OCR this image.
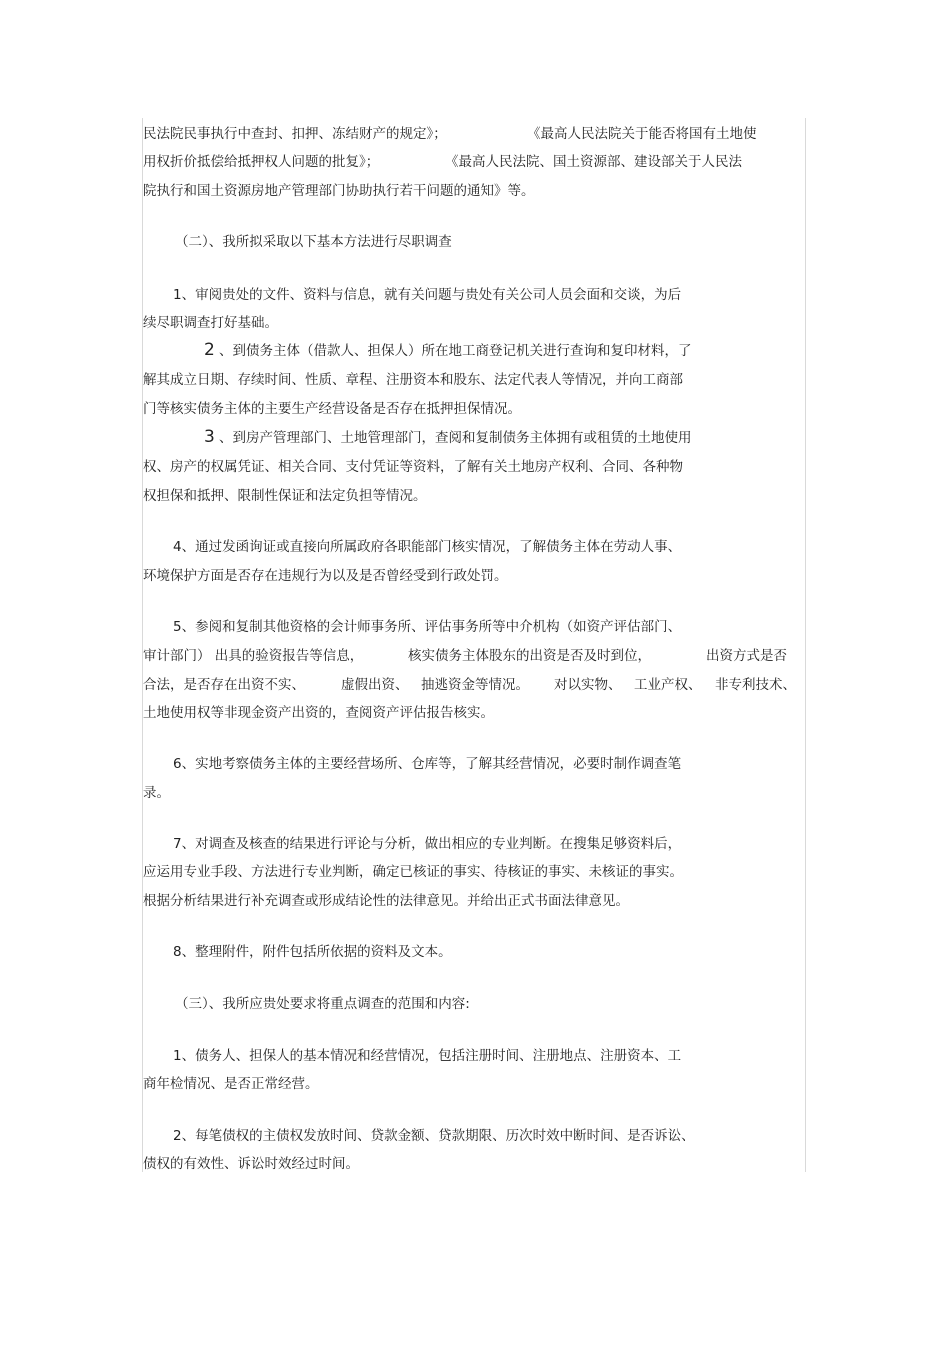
民法院民事执行中查封、扣押、冻结财产的规定》；	《最高人民法院关于能否将国有土地使
用权折价抵偿给抵押权人问题的批复》；	《最高人民法院、国土资源部、建设部关于人民法
院执行和国土资源房地产管理部门协助执行若干问题的通知》等。
（二）、我所拟采取以下基本方法进行尽职调查
1、审阅贵处的文件、资料与信息，就有关问题与贵处有关公司人员会面和交谈，为后
续尽职调查打好基础。
2 、到债务主体（借款人、担保人）所在地工商登记机关进行查询和复印材料，了
解其成立日期、存续时间、性质、章程、注册资本和股东、法定代表人等情况，并向工商部
门等核实债务主体的主要生产经营设备是否存在抵押担保情况。
3 、到房产管理部门、土地管理部门，查阅和复制债务主体拥有或租赁的土地使用
权、房产的权属凭证、相关合同、支付凭证等资料，了解有关土地房产权利、合同、各种物
权担保和抵押、限制性保证和法定负担等情况。
4、通过发函询证或直接向所属政府各职能部门核实情况，了解债务主体在劳动人事、
环境保护方面是否存在违规行为以及是否曾经受到行政处罚。
5、参阅和复制其他资格的会计师事务所、评估事务所等中介机构（如资产评估部门、
审计部门） 出具的验资报告等信息，	核实债务主体股东的出资是否及时到位，	出资方式是否
合法，是否存在出资不实、	虚假出资、 抽逃资金等情况。 对以实物、 工业产权、 非专利技术、
土地使用权等非现金资产出资的，查阅资产评估报告核实。
6、实地考察债务主体的主要经营场所、仓库等，了解其经营情况，必要时制作调查笔
录。
7、对调查及核查的结果进行评论与分析，做出相应的专业判断。在搜集足够资料后，
应运用专业手段、方法进行专业判断，确定已核证的事实、待核证的事实、未核证的事实。
根据分析结果进行补充调查或形成结论性的法律意见。并给出正式书面法律意见。
8、整理附件，附件包括所依据的资料及文本。
（三）、我所应贵处要求将重点调查的范围和内容:
1、债务人、担保人的基本情况和经营情况，包括注册时间、注册地点、注册资本、工
商年检情况、是否正常经营。
2、每笔债权的主债权发放时间、贷款金额、贷款期限、历次时效中断时间、是否诉讼、
债权的有效性、诉讼时效经过时间。
